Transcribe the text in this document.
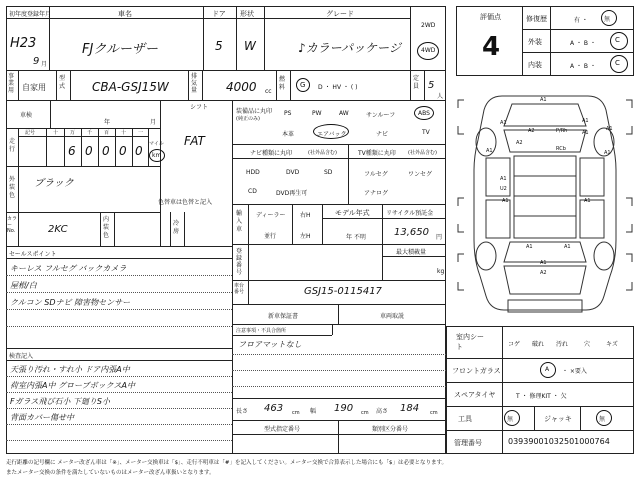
初年度登録年月	車名	ドア 形状	グレード
H23
9 月
FJクルーザー	5 W	♪カラーパッケージ
2WD
4WD
事業用 自家用
型式 CBA-GSJ15W
排気量 4000 cc
燃料 G D ・ HV ・ ( )
定員 5
人
車検
年	月
シフト
FAT
走行
記号	十 万 千 百 十 一
6 0 0 0 0 マイル
km
外装色
ブラック
色替車は色替と記入
カラーNo.	2KC
内装色
冷房
セールスポイント
キーレス フルセグ バックカメラ
屋根/白
クルコン SDナビ 障害物センサー
検査記入
天張り汚れ・すれ小 ドア内張A中
荷室内張A中 グローブボックスA中
Fガラス飛び石小 下廻りS小
背面カバー傷せ中
装備品に丸印
(純正のみ)
PS	PW	AW	サンルーフ	ABS
本革	エアバック	ナビ	TV
ナビ種類に丸印	(社外品含む)	TV種類に丸印 (社外品含む)
HDD	DVD	SD
CD	DVD再生可
フルセグ	ワンセグ
アナログ
輸入車
ディーラー
並行
右H
左H
モデル年式
年 不明
リサイクル預託金
13,650 円
登録番号
最大積載量
kg
車台番号	GSJ15-0115417
新車保証書	車両取説
注意事項・不具合箇所
フロアマットなし
長さ 463 cm 幅 190 cm 高さ 184 cm
型式指定番号	類別区分番号
評価点
4
修復歴	有 ・	無
外装	A ・ B ・	C
内装	A ・ B ・	C
A1
A1	A1
A2	P/Rh	A1
A2
A1	A1
RCb
A1
A1
U2
A1	A1
A1	A1
A2
A1
室内シート	コゲ 破れ 汚れ	穴	キズ
フロントガラス	A ・ ×要入
スペアタイヤ	T ・ 修理KIT ・ 欠
工具	無	ジャッキ	無
管理番号	039390010325010007​64
走行距離の記号欄に メーター改ざん車は「※」、メーター交換車は「$」、走行不明車は「#」を記入してください。メーター交換で合算表示した場合にも「$」は必要となります。
またメーター交換の条件を満たしていないものはメーター改ざん車扱いとなります。
